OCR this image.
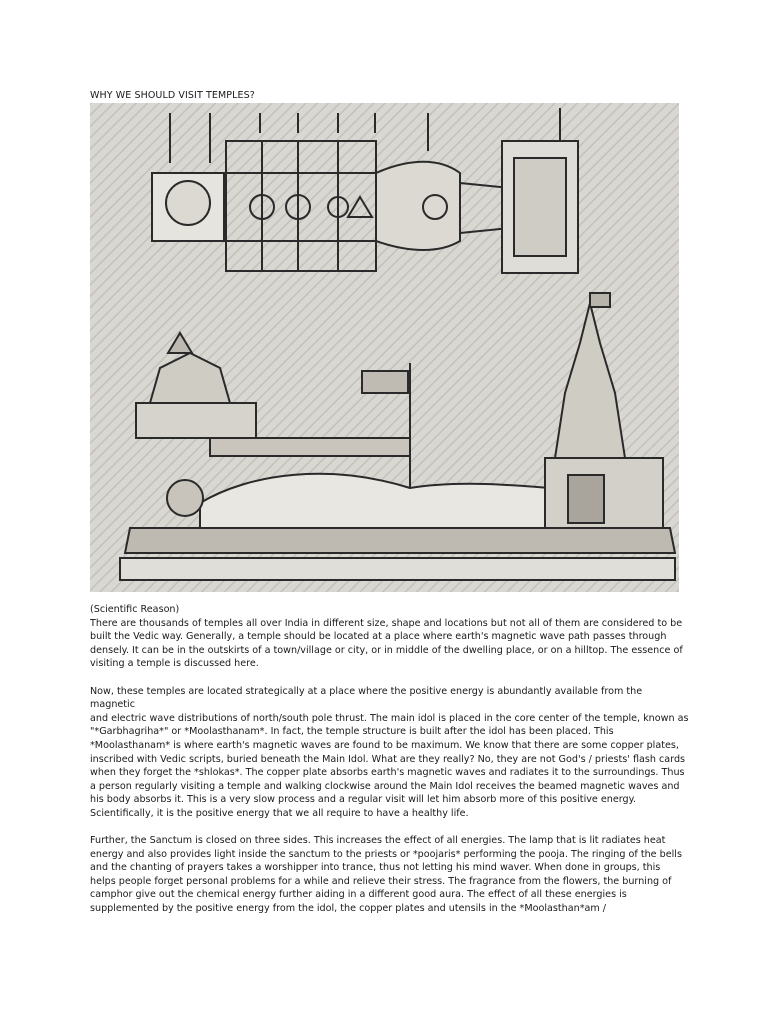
WHY WE SHOULD VISIT TEMPLES?

(Scientific Reason)

There are thousands of temples all over India in different size, shape and locations but not all of them are considered to be
built the Vedic way. Generally, a temple should be located at a place where earth's magnetic wave path passes through
densely. It can be in the outskirts of a town/village or city, or in middle of the dwelling place, or on a hilltop. The essence of
visiting a temple is discussed here.

Now, these temples are located strategically at a place where the positive energy is abundantly available from the magnetic
and electric wave distributions of north/south pole thrust. The main idol is placed in the core center of the temple, known as
"*Garbhagriha*" or *Moolasthanam*. In fact, the temple structure is built after the idol has been placed. This
*Moolasthanam* is where earth's magnetic waves are found to be maximum. We know that there are some copper plates,
inscribed with Vedic scripts, buried beneath the Main Idol. What are they really? No, they are not God's / priests' flash cards
when they forget the *shlokas*. The copper plate absorbs earth's magnetic waves and radiates it to the surroundings. Thus
a person regularly visiting a temple and walking clockwise around the Main Idol receives the beamed magnetic waves and
his body absorbs it. This is a very slow process and a regular visit will let him absorb more of this positive energy.
Scientifically, it is the positive energy that we all require to have a healthy life.

Further, the Sanctum is closed on three sides. This increases the effect of all energies. The lamp that is lit radiates heat
energy and also provides light inside the sanctum to the priests or *poojaris* performing the pooja. The ringing of the bells
and the chanting of prayers takes a worshipper into trance, thus not letting his mind waver. When done in groups, this
helps people forget personal problems for a while and relieve their stress. The fragrance from the flowers, the burning of
camphor give out the chemical energy further aiding in a different good aura. The effect of all these energies is
supplemented by the positive energy from the idol, the copper plates and utensils in the *Moolasthan*am /
